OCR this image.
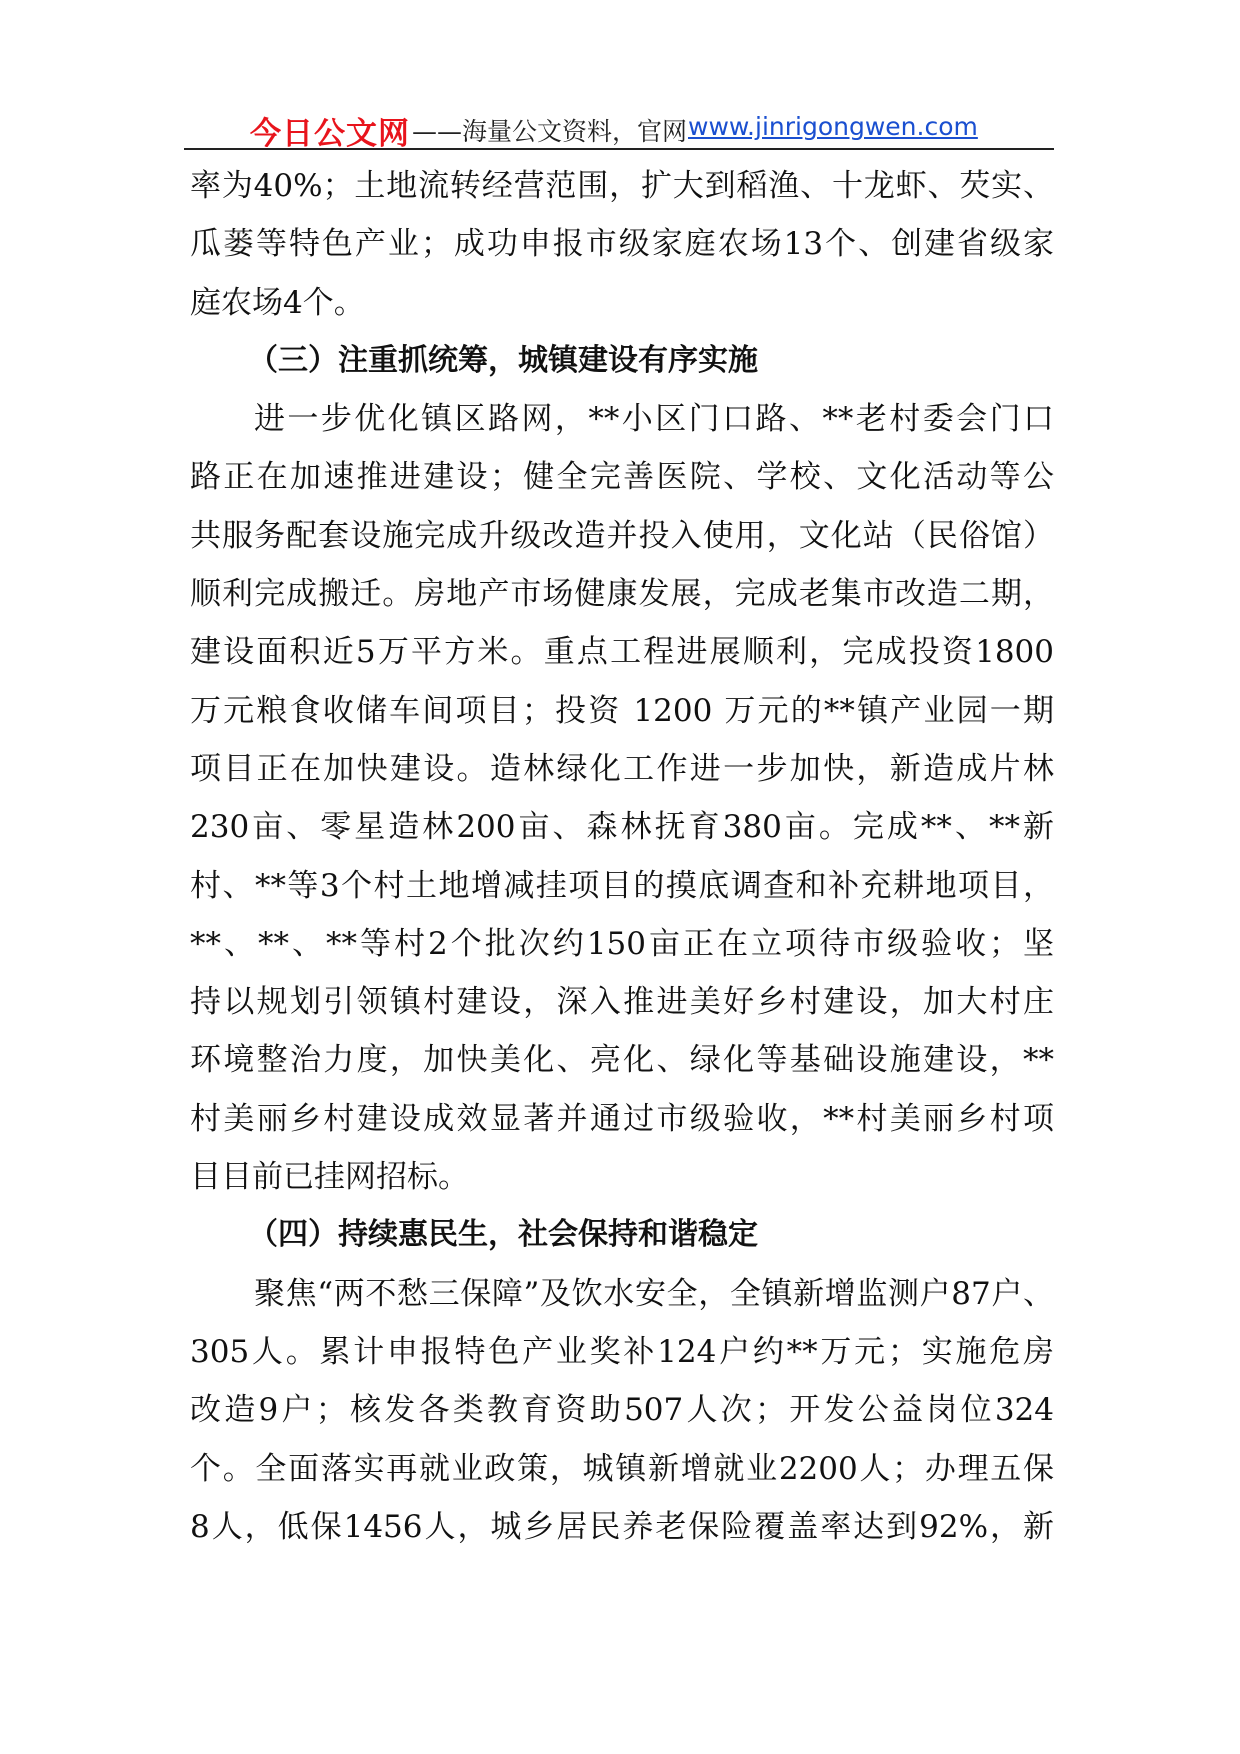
今日公文网 ——海量公文资料，官网 www.jinrigongwen.com
率为40%；土地流转经营范围，扩大到稻渔、十龙虾、芡实、
瓜蒌等特色产业；成功申报市级家庭农场13个、创建省级家
庭农场4个。
（三）注重抓统筹，城镇建设有序实施
进一步优化镇区路网，**小区门口路、**老村委会门口
路正在加速推进建设；健全完善医院、学校、文化活动等公
共服务配套设施完成升级改造并投入使用，文化站（民俗馆）
顺利完成搬迁。房地产市场健康发展，完成老集市改造二期，
建设面积近5万平方米。重点工程进展顺利，完成投资1800
万元粮食收储车间项目；投资 1200 万元的**镇产业园一期
项目正在加快建设。造林绿化工作进一步加快，新造成片林
230亩、零星造林200亩、森林抚育380亩。完成**、**新
村、**等3个村土地增减挂项目的摸底调查和补充耕地项目，
**、**、**等村2个批次约150亩正在立项待市级验收；坚
持以规划引领镇村建设，深入推进美好乡村建设，加大村庄
环境整治力度，加快美化、亮化、绿化等基础设施建设，**
村美丽乡村建设成效显著并通过市级验收，**村美丽乡村项
目目前已挂网招标。
（四）持续惠民生，社会保持和谐稳定
聚焦“两不愁三保障”及饮水安全，全镇新增监测户87户、
305人。累计申报特色产业奖补124户约**万元；实施危房
改造9户；核发各类教育资助507人次；开发公益岗位324
个。全面落实再就业政策，城镇新增就业2200人；办理五保
8人，低保1456人，城乡居民养老保险覆盖率达到92%，新
